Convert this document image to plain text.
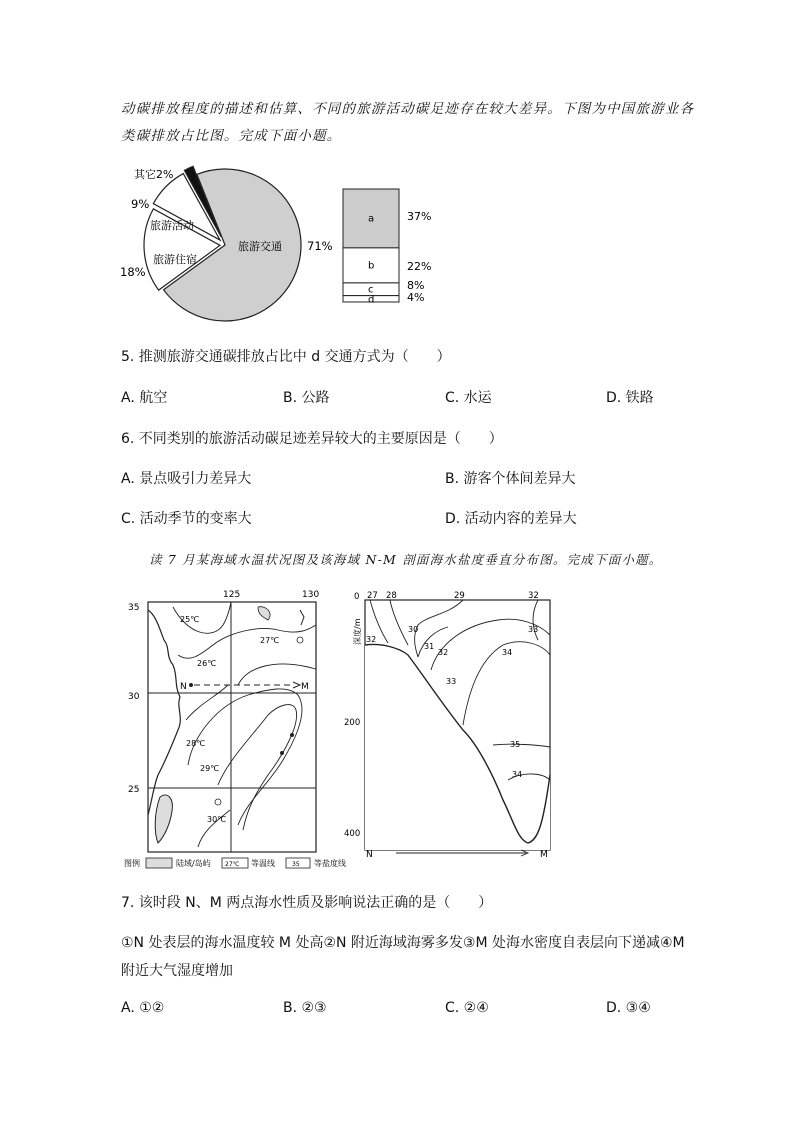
动碳排放程度的描述和估算、不同的旅游活动碳足迹存在较大差异。下图为中国旅游业各
类碳排放占比图。完成下面小题。
a	37%
b	22%
c	8%
d	4%
其它2%
9%
旅游活动
旅游住宿
18%
旅游交通 71%
5. 推测旅游交通碳排放占比中 d 交通方式为（　　）
A. 航空	B. 公路	C. 水运	D. 铁路
6. 不同类别的旅游活动碳足迹差异较大的主要原因是（　　）
A. 景点吸引力差异大	B. 游客个体间差异大
C. 活动季节的变率大	D. 活动内容的差异大
读 7 月某海域水温状况图及该海域 N-M 剖面海水盐度垂直分布图。完成下面小题。
125	130
35
30
25
25℃
27℃
26℃
28℃
29℃
30℃
N	M
0
200
400
深度/m
27 28	29	32
30
31
32
33
34
33
35
34
32
N	M
图例	陆域/岛屿 27℃ 等温线	35 等盐度线
7. 该时段 N、M 两点海水性质及影响说法正确的是（　　）
①N 处表层的海水温度较 M 处高②N 附近海域海雾多发③M 处海水密度自表层向下递减④M
附近大气湿度增加
A. ①②	B. ②③	C. ②④	D. ③④
